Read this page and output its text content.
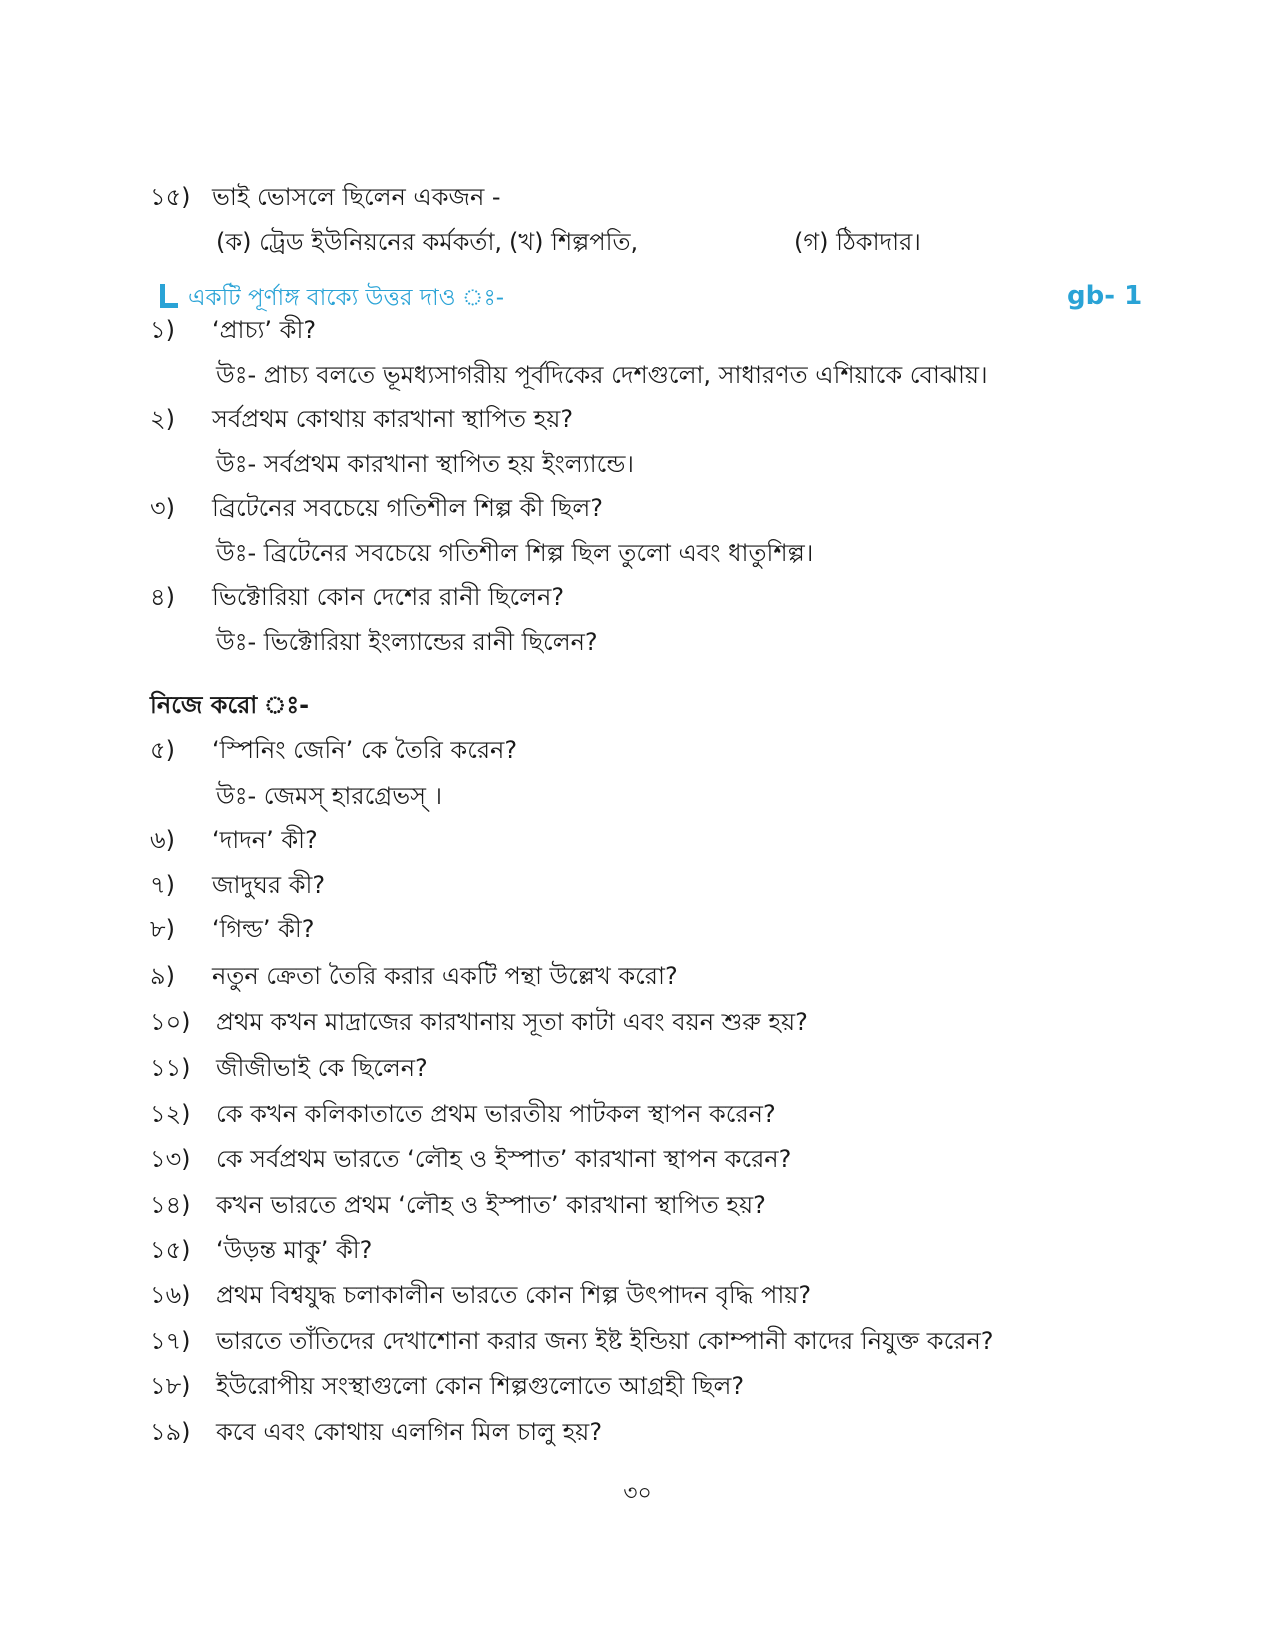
১৫) ভাই ভোসলে ছিলেন একজন -
(ক) ট্রেড ইউনিয়নের কর্মকর্তা, (খ) শিল্পপতি,	(গ) ঠিকাদার।
একটি পূর্ণাঙ্গ বাক্যে উত্তর দাও ঃ-	gb- 1
১) ‘প্রাচ্য’ কী?
উঃ- প্রাচ্য বলতে ভূমধ্যসাগরীয় পূর্বদিকের দেশগুলো, সাধারণত এশিয়াকে বোঝায়।
২) সর্বপ্রথম কোথায় কারখানা স্থাপিত হয়?
উঃ- সর্বপ্রথম কারখানা স্থাপিত হয় ইংল্যান্ডে।
৩) ব্রিটেনের সবচেয়ে গতিশীল শিল্প কী ছিল?
উঃ- ব্রিটেনের সবচেয়ে গতিশীল শিল্প ছিল তুলো এবং ধাতুশিল্প।
৪) ভিক্টোরিয়া কোন দেশের রানী ছিলেন?
উঃ- ভিক্টোরিয়া ইংল্যান্ডের রানী ছিলেন?
নিজে করো ঃ-
৫) ‘স্পিনিং জেনি’ কে তৈরি করেন?
উঃ- জেমস্ হারগ্রেভস্ ।
৬) ‘দাদন’ কী?
৭) জাদুঘর কী?
৮) ‘গিল্ড’ কী?
৯) নতুন ক্রেতা তৈরি করার একটি পন্থা উল্লেখ করো?
১০) প্রথম কখন মাদ্রাজের কারখানায় সূতা কাটা এবং বয়ন শুরু হয়?
১১) জীজীভাই কে ছিলেন?
১২) কে কখন কলিকাতাতে প্রথম ভারতীয় পাটকল স্থাপন করেন?
১৩) কে সর্বপ্রথম ভারতে ‘লৌহ ও ইস্পাত’ কারখানা স্থাপন করেন?
১৪) কখন ভারতে প্রথম ‘লৌহ ও ইস্পাত’ কারখানা স্থাপিত হয়?
১৫) ‘উড়ন্ত মাকু’ কী?
১৬) প্রথম বিশ্বযুদ্ধ চলাকালীন ভারতে কোন শিল্প উৎপাদন বৃদ্ধি পায়?
১৭) ভারতে তাঁতিদের দেখাশোনা করার জন্য ইষ্ট ইন্ডিয়া কোম্পানী কাদের নিযুক্ত করেন?
১৮) ইউরোপীয় সংস্থাগুলো কোন শিল্পগুলোতে আগ্রহী ছিল?
১৯) কবে এবং কোথায় এলগিন মিল চালু হয়?
৩০
